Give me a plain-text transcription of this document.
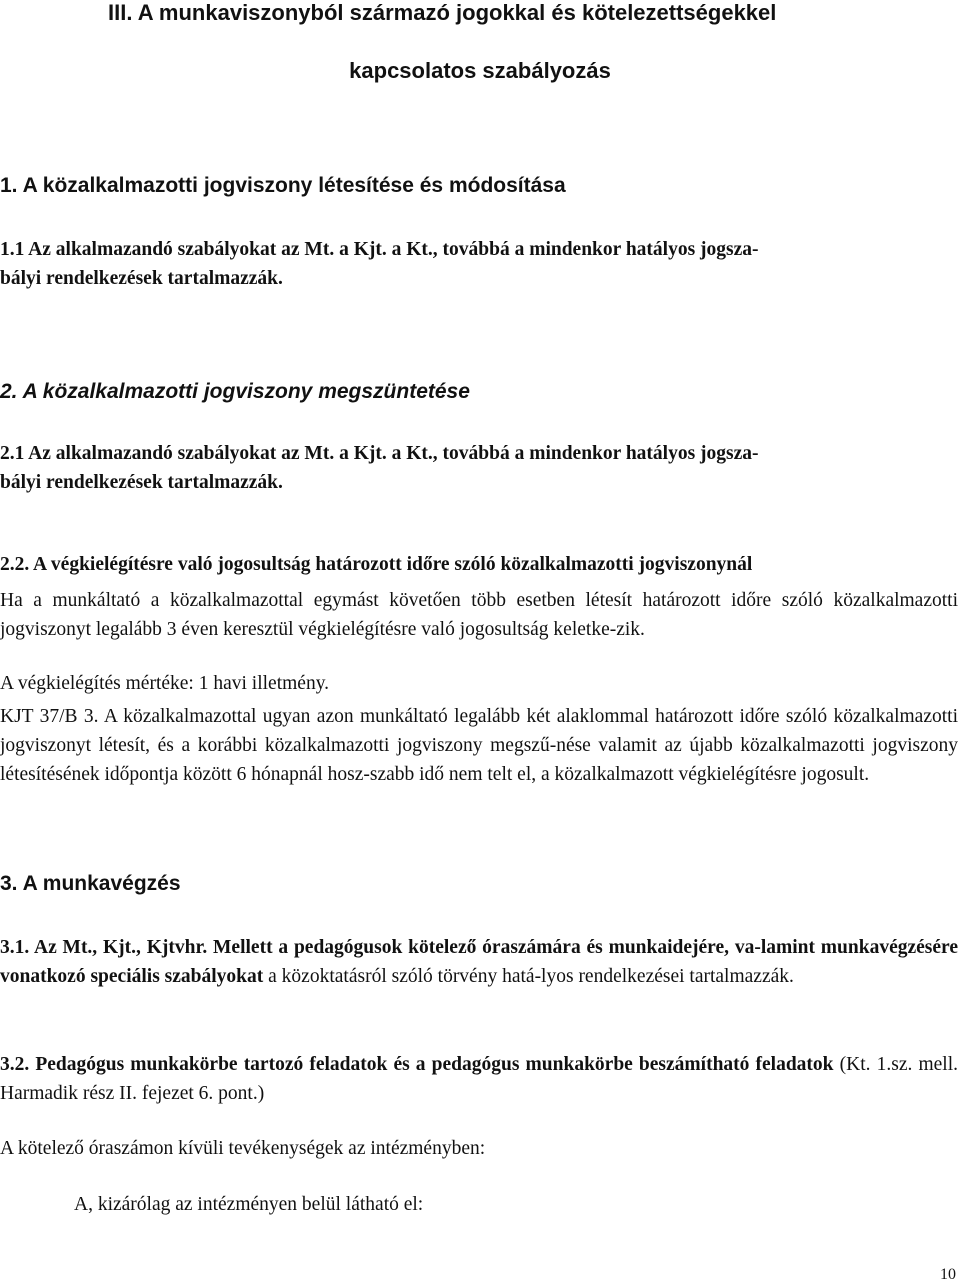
III. A munkaviszonyból származó jogokkal és kötelezettségekkel

kapcsolatos szabályozás

1. A közalkalmazotti jogviszony létesítése és módosítása

1.1 Az alkalmazandó szabályokat az Mt. a Kjt. a Kt., továbbá a mindenkor hatályos jogsza-

bályi rendelkezések tartalmazzák.

2. A közalkalmazotti jogviszony megszüntetése

2.1 Az alkalmazandó szabályokat az Mt. a Kjt. a Kt., továbbá a mindenkor hatályos jogsza-

bályi rendelkezések tartalmazzák.

2.2. A végkielégítésre való jogosultság határozott időre szóló közalkalmazotti jogviszonynál

Ha a munkáltató a közalkalmazottal egymást követően több esetben létesít határozott időre szóló közalkalmazotti jogviszonyt legalább 3 éven keresztül végkielégítésre való jogosultság keletke-zik.

A végkielégítés mértéke: 1 havi illetmény.

KJT 37/B 3. A közalkalmazottal ugyan azon munkáltató legalább két alaklommal határozott időre szóló közalkalmazotti jogviszonyt létesít, és a korábbi közalkalmazotti jogviszony megszű-nése valamit az újabb közalkalmazotti jogviszony létesítésének időpontja között 6 hónapnál hosz-szabb idő nem telt el, a közalkalmazott végkielégítésre jogosult.

3. A munkavégzés

3.1. Az Mt., Kjt., Kjtvhr. Mellett a pedagógusok kötelező óraszámára és munkaidejére, va-lamint munkavégzésére vonatkozó speciális szabályokat a közoktatásról szóló törvény hatá-lyos rendelkezései tartalmazzák.

3.2. Pedagógus munkakörbe tartozó feladatok és a pedagógus munkakörbe beszámítható feladatok (Kt. 1.sz. mell. Harmadik rész II. fejezet 6. pont.)

A kötelező óraszámon kívüli tevékenységek az intézményben:

A, kizárólag az intézményen belül látható el:

10
